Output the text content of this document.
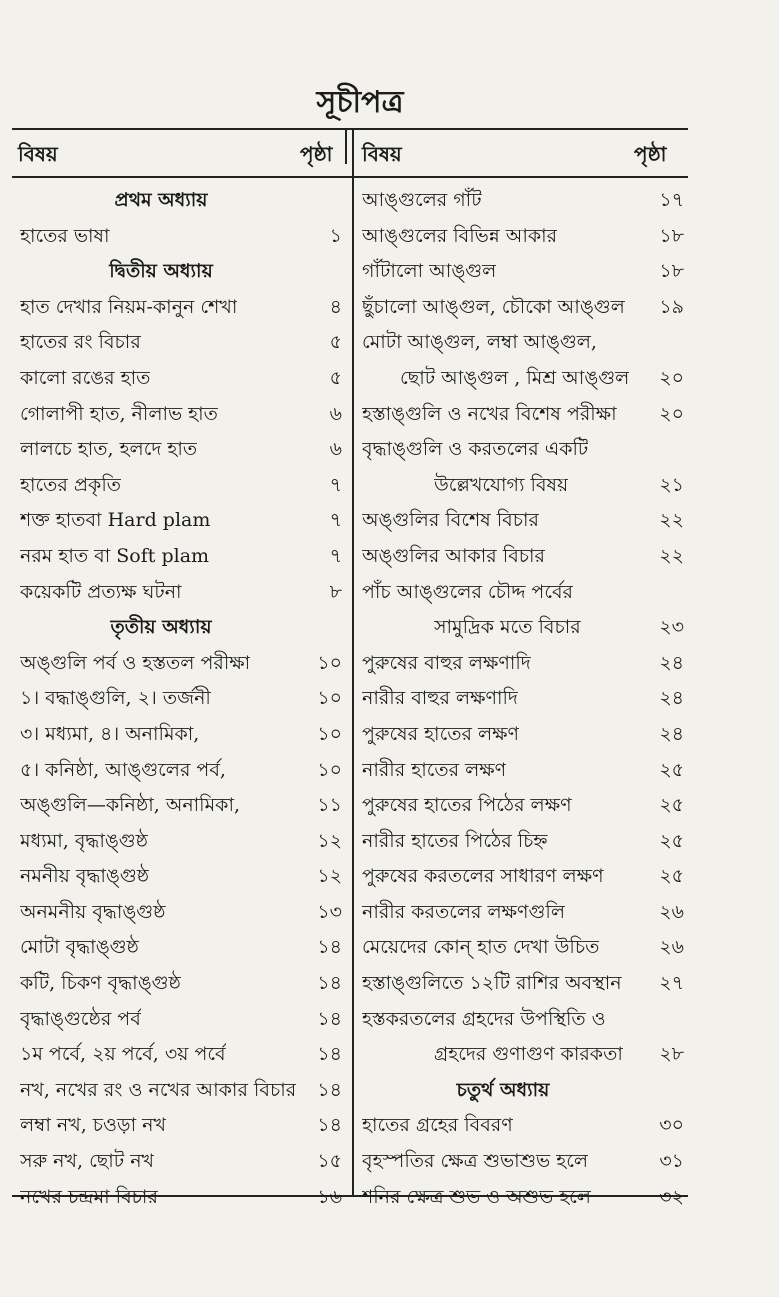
সূচীপত্র
বিষয়	পৃষ্ঠা বিষয়	পৃষ্ঠা
প্রথম অধ্যায়
হাতের ভাষা	১
দ্বিতীয় অধ্যায়
হাত দেখার নিয়ম-কানুন শেখা	৪
হাতের রং বিচার	৫
কালো রঙের হাত	৫
গোলাপী হাত, নীলাভ হাত	৬
লালচে হাত, হলদে হাত	৬
হাতের প্রকৃতি	৭
শক্ত হাতবা Hard plam	৭
নরম হাত বা Soft plam	৭
কয়েকটি প্রত্যক্ষ ঘটনা	৮
তৃতীয় অধ্যায়
অঙ্গুলি পর্ব ও হস্ততল পরীক্ষা	১০
১। বদ্ধাঙ্গুলি, ২। তর্জনী	১০
৩। মধ্যমা, ৪। অনামিকা,	১০
৫। কনিষ্ঠা, আঙ্গুলের পর্ব,	১০
অঙ্গুলি—কনিষ্ঠা, অনামিকা,	১১
মধ্যমা, বৃদ্ধাঙ্গুষ্ঠ	১২
নমনীয় বৃদ্ধাঙ্গুষ্ঠ	১২
অনমনীয় বৃদ্ধাঙ্গুষ্ঠ	১৩
মোটা বৃদ্ধাঙ্গুষ্ঠ	১৪
কটি, চিকণ বৃদ্ধাঙ্গুষ্ঠ	১৪
বৃদ্ধাঙ্গুষ্ঠের পর্ব	১৪
১ম পর্বে, ২য় পর্বে, ৩য় পর্বে	১৪
নখ, নখের রং ও নখের আকার বিচার ১৪
লম্বা নখ, চওড়া নখ	১৪
সরু নখ, ছোট নখ	১৫
নখের চন্দ্রমা বিচার	১৬
আঙ্গুলের গাঁট	১৭
আঙ্গুলের বিভিন্ন আকার	১৮
গাঁটালো আঙ্গুল	১৮
ছুঁচালো আঙ্গুল, চৌকো আঙ্গুল	১৯
মোটা আঙ্গুল, লম্বা আঙ্গুল,
ছোট আঙ্গুল , মিশ্র আঙ্গুল	২০
হস্তাঙ্গুলি ও নখের বিশেষ পরীক্ষা	২০
বৃদ্ধাঙ্গুলি ও করতলের একটি
উল্লেখযোগ্য বিষয়	২১
অঙ্গুলির বিশেষ বিচার	২২
অঙ্গুলির আকার বিচার	২২
পাঁচ আঙ্গুলের চৌদ্দ পর্বের
সামুদ্রিক মতে বিচার	২৩
পুরুষের বাহুর লক্ষণাদি	২৪
নারীর বাহুর লক্ষণাদি	২৪
পুরুষের হাতের লক্ষণ	২৪
নারীর হাতের লক্ষণ	২৫
পুরুষের হাতের পিঠের লক্ষণ	২৫
নারীর হাতের পিঠের চিহ্ন	২৫
পুরুষের করতলের সাধারণ লক্ষণ	২৫
নারীর করতলের লক্ষণগুলি	২৬
মেয়েদের কোন্ হাত দেখা উচিত	২৬
হস্তাঙ্গুলিতে ১২টি রাশির অবস্থান	২৭
হস্তকরতলের গ্রহদের উপস্থিতি ও
গ্রহদের গুণাগুণ কারকতা	২৮
চতুর্থ অধ্যায়
হাতের গ্রহের বিবরণ	৩০
বৃহস্পতির ক্ষেত্র শুভাশুভ হলে	৩১
শনির ক্ষেত্র শুভ ও অশুভ হলে	৩২
